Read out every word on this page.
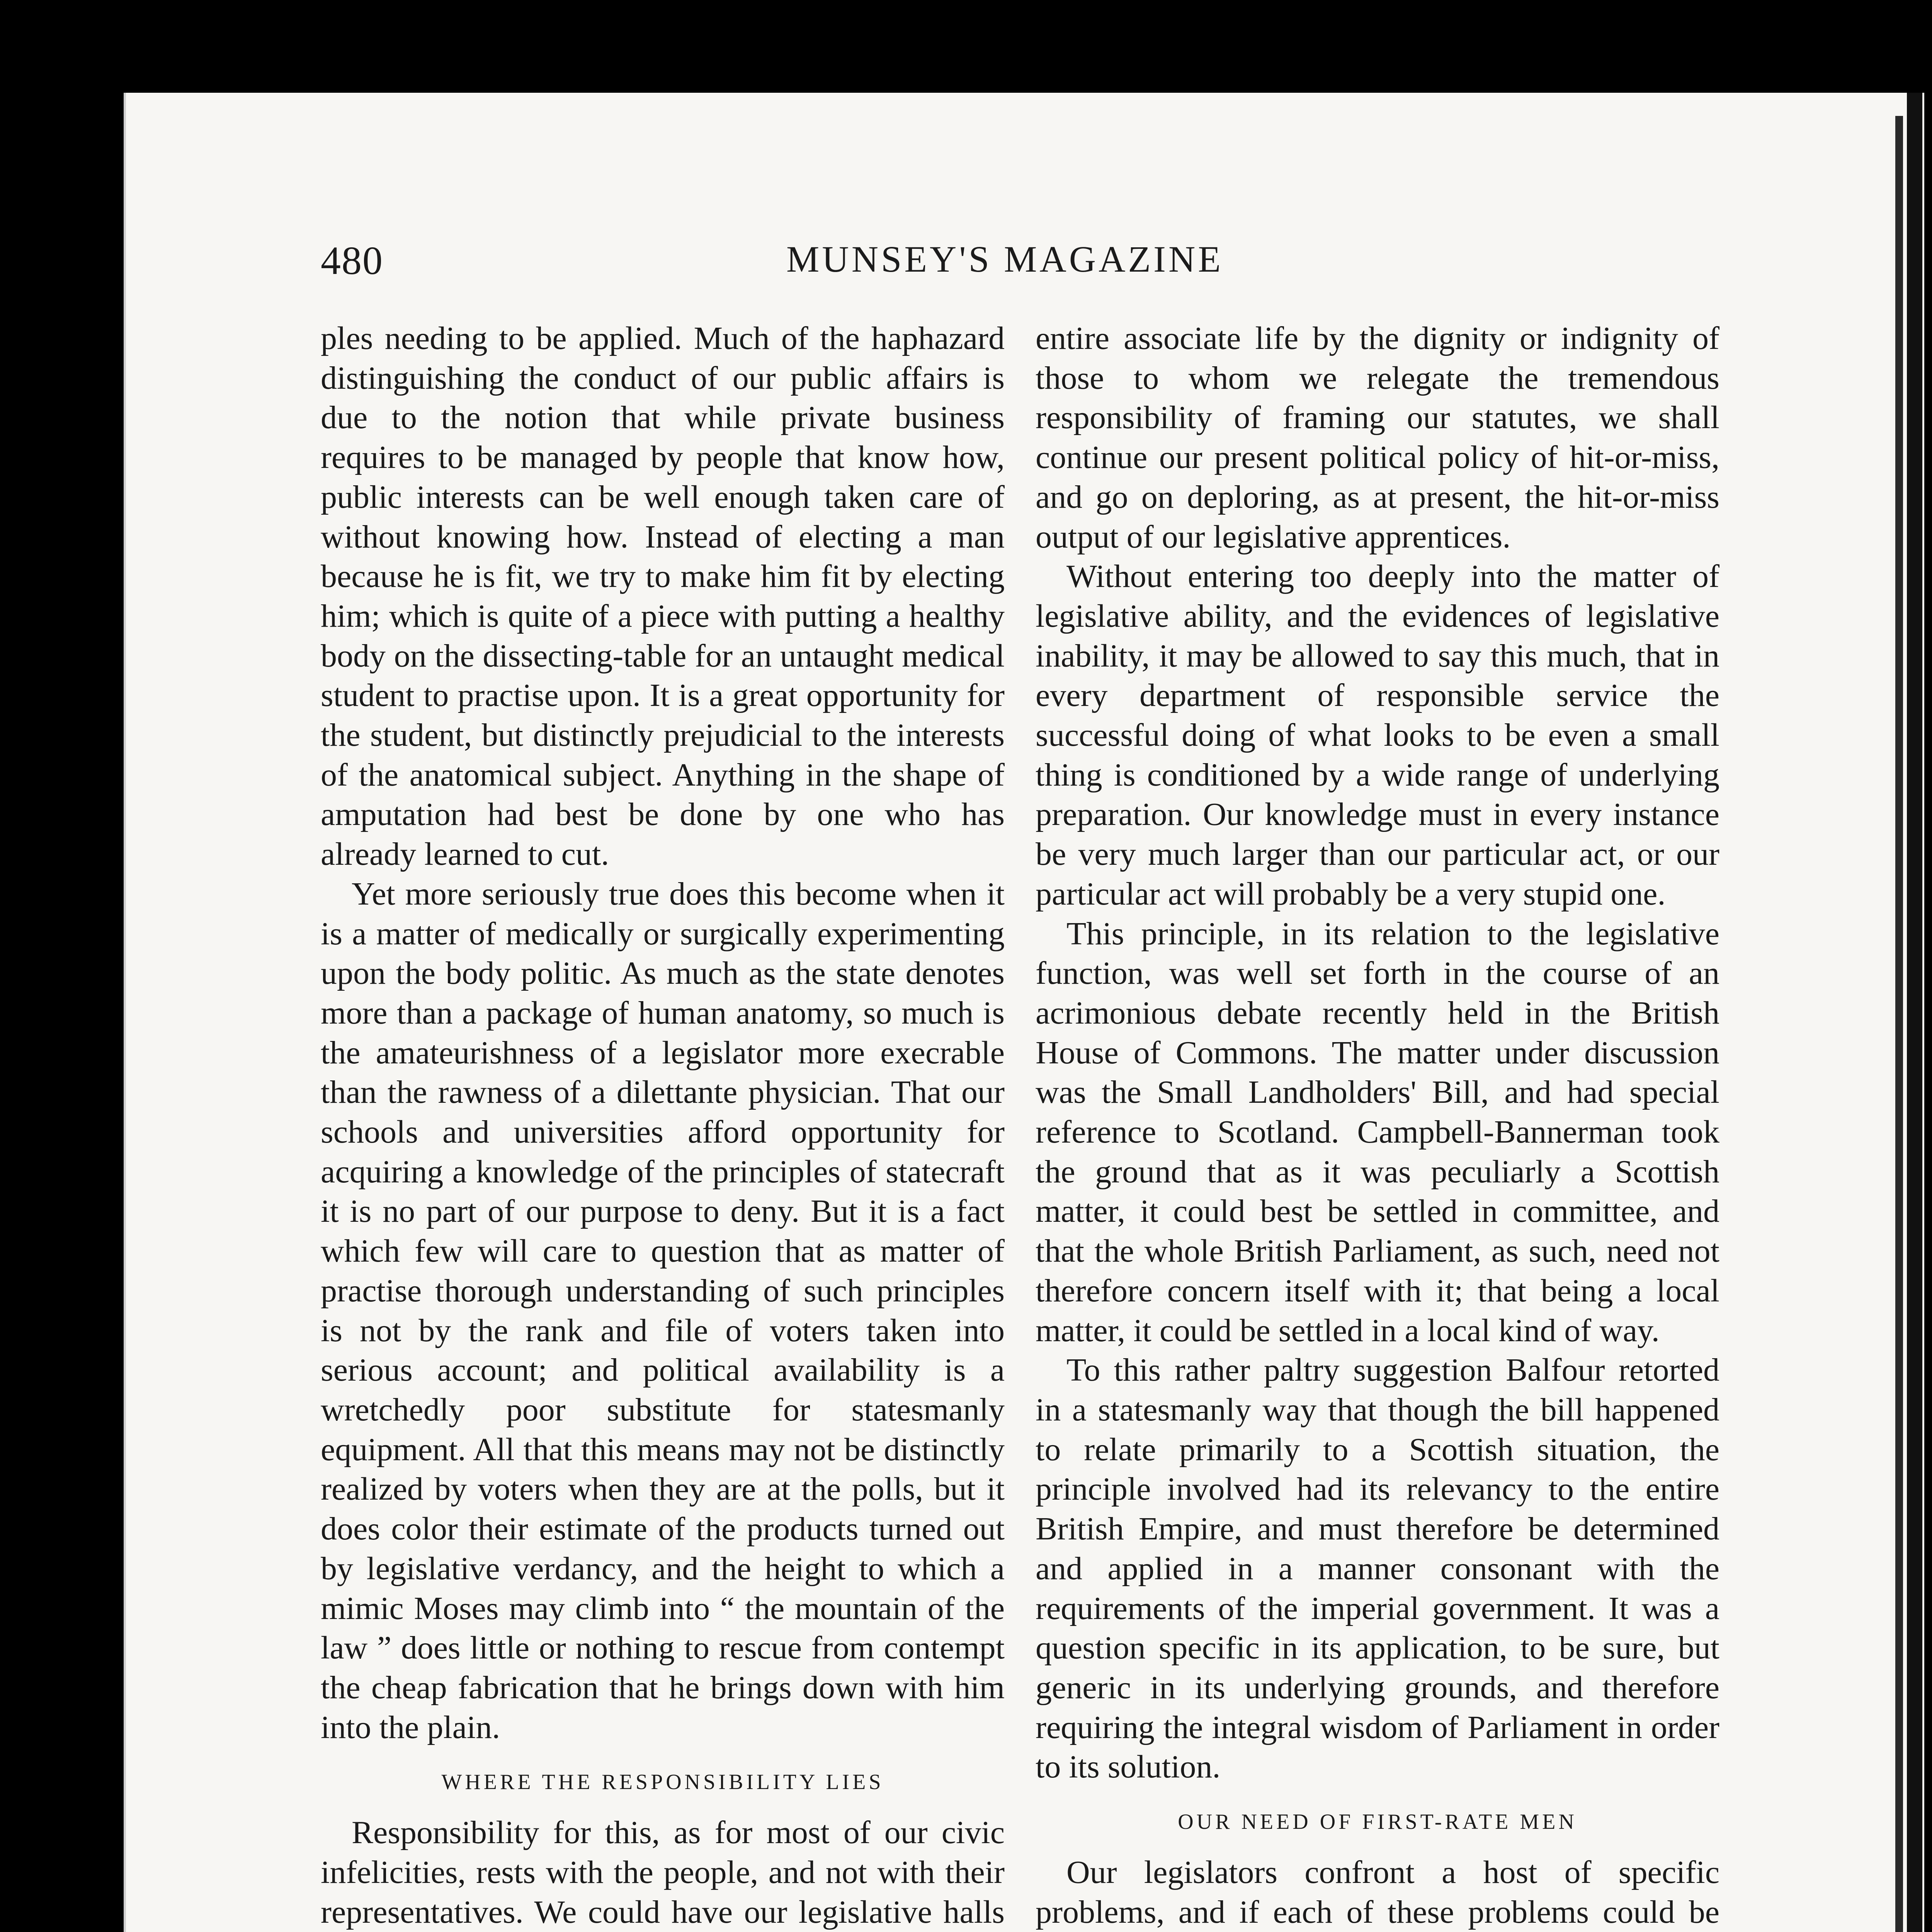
480	MUNSEY'S MAGAZINE

ples needing to be applied. Much of the haphazard distinguishing the conduct of our public affairs is due to the notion that while private business requires to be managed by people that know how, public interests can be well enough taken care of without knowing how. Instead of electing a man because he is fit, we try to make him fit by electing him; which is quite of a piece with putting a healthy body on the dissecting-table for an untaught medical student to practise upon. It is a great opportunity for the student, but distinctly prejudicial to the interests of the anatomical subject. Anything in the shape of amputation had best be done by one who has already learned to cut.

Yet more seriously true does this become when it is a matter of medically or surgically experimenting upon the body politic. As much as the state denotes more than a package of human anatomy, so much is the amateurishness of a legislator more execrable than the rawness of a dilettante physician. That our schools and universities afford opportunity for acquiring a knowledge of the principles of statecraft it is no part of our purpose to deny. But it is a fact which few will care to question that as matter of practise thorough understanding of such principles is not by the rank and file of voters taken into serious account; and political availability is a wretchedly poor substitute for statesmanly equipment. All that this means may not be distinctly realized by voters when they are at the polls, but it does color their estimate of the products turned out by legislative verdancy, and the height to which a mimic Moses may climb into “ the mountain of the law ” does little or nothing to rescue from contempt the cheap fabrication that he brings down with him into the plain.

WHERE THE RESPONSIBILITY LIES

Responsibility for this, as for most of our civic infelicities, rests with the people, and not with their representatives. We could have our legislative halls

entire associate life by the dignity or indignity of those to whom we relegate the tremendous responsibility of framing our statutes, we shall continue our present political policy of hit-or-miss, and go on deploring, as at present, the hit-or-miss output of our legislative apprentices.

Without entering too deeply into the matter of legislative ability, and the evidences of legislative inability, it may be allowed to say this much, that in every department of responsible service the successful doing of what looks to be even a small thing is conditioned by a wide range of underlying preparation. Our knowledge must in every instance be very much larger than our particular act, or our particular act will probably be a very stupid one.

This principle, in its relation to the legislative function, was well set forth in the course of an acrimonious debate recently held in the British House of Commons. The matter under discussion was the Small Landholders' Bill, and had special reference to Scotland. Campbell-Bannerman took the ground that as it was peculiarly a Scottish matter, it could best be settled in committee, and that the whole British Parliament, as such, need not therefore concern itself with it; that being a local matter, it could be settled in a local kind of way.

To this rather paltry suggestion Balfour retorted in a statesmanly way that though the bill happened to relate primarily to a Scottish situation, the principle involved had its relevancy to the entire British Empire, and must therefore be determined and applied in a manner consonant with the requirements of the imperial government. It was a question specific in its application, to be sure, but generic in its underlying grounds, and therefore requiring the integral wisdom of Parliament in order to its solution.

OUR NEED OF FIRST-RATE MEN

Our legislators confront a host of specific problems, and if each of these problems could be
